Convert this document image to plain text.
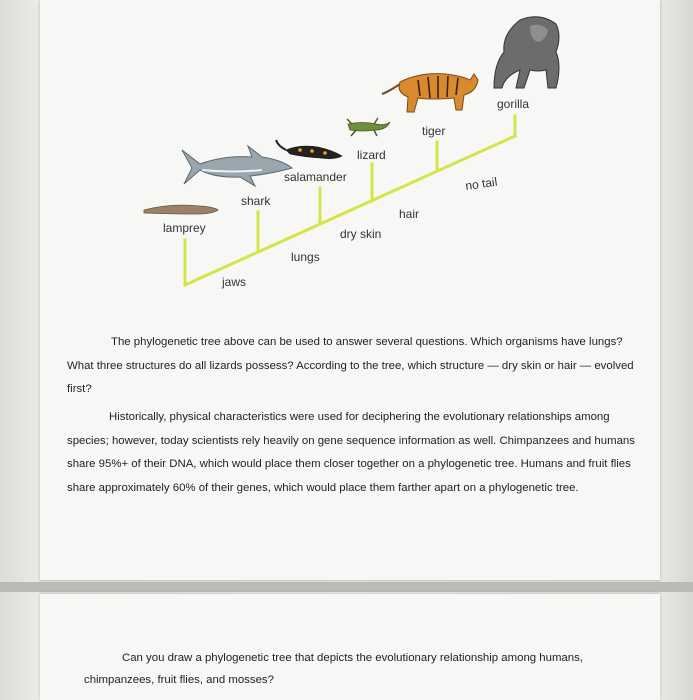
lamprey
shark
salamander
lizard
tiger
gorilla
jaws
lungs
dry skin
hair
no tail

The phylogenetic tree above can be used to answer several questions. Which organisms have lungs? What three structures do all lizards possess? According to the tree, which structure — dry skin or hair — evolved first?

Historically, physical characteristics were used for deciphering the evolutionary relationships among species; however, today scientists rely heavily on gene sequence information as well. Chimpanzees and humans share 95%+ of their DNA, which would place them closer together on a phylogenetic tree. Humans and fruit flies share approximately 60% of their genes, which would place them farther apart on a phylogenetic tree.

Can you draw a phylogenetic tree that depicts the evolutionary relationship among humans, chimpanzees, fruit flies, and mosses?
